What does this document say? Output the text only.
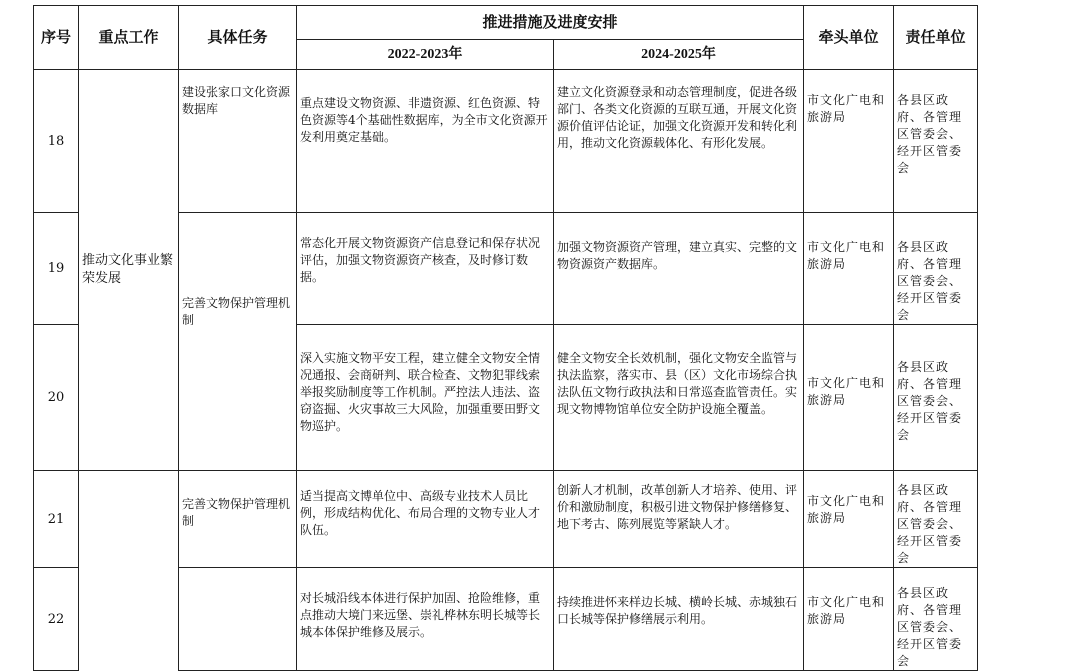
序号	重点工作	具体任务	推进措施及进度安排		牵头单位	责任单位
			2022-2023年	2024-2025年		
18	推动文化事业繁荣发展	建设张家口文化资源数据库	重点建设文物资源、非遗资源、红色资源、特色资源等4个基础性数据库，为全市文化资源开发利用奠定基础。	建立文化资源登录和动态管理制度，促进各级部门、各类文化资源的互联互通，开展文化资源价值评估论证，加强文化资源开发和转化利用，推动文化资源载体化、有形化发展。	市文化广电和旅游局	各县区政府、各管理区管委会、经开区管委会
19		完善文物保护管理机制	常态化开展文物资源资产信息登记和保存状况评估，加强文物资源资产核查，及时修订数据。	加强文物资源资产管理，建立真实、完整的文物资源资产数据库。	市文化广电和旅游局	各县区政府、各管理区管委会、经开区管委会
20			深入实施文物平安工程，建立健全文物安全情况通报、会商研判、联合检查、文物犯罪线索举报奖励制度等工作机制。严控法人违法、盗窃盗掘、火灾事故三大风险，加强重要田野文物巡护。	健全文物安全长效机制，强化文物安全监管与执法监察，落实市、县（区）文化市场综合执法队伍文物行政执法和日常巡查监管责任。实现文物博物馆单位安全防护设施全覆盖。	市文化广电和旅游局	各县区政府、各管理区管委会、经开区管委会
21		完善文物保护管理机制	适当提高文博单位中、高级专业技术人员比例，形成结构优化、布局合理的文物专业人才队伍。	创新人才机制，改革创新人才培养、使用、评价和激励制度，积极引进文物保护修缮修复、地下考古、陈列展览等紧缺人才。	市文化广电和旅游局	各县区政府、各管理区管委会、经开区管委会
22			对长城沿线本体进行保护加固、抢险维修，重点推动大境门来远堡、崇礼桦林东明长城等长城本体保护维修及展示。	持续推进怀来样边长城、横岭长城、赤城独石口长城等保护修缮展示利用。	市文化广电和旅游局	各县区政府、各管理区管委会、经开区管委会
